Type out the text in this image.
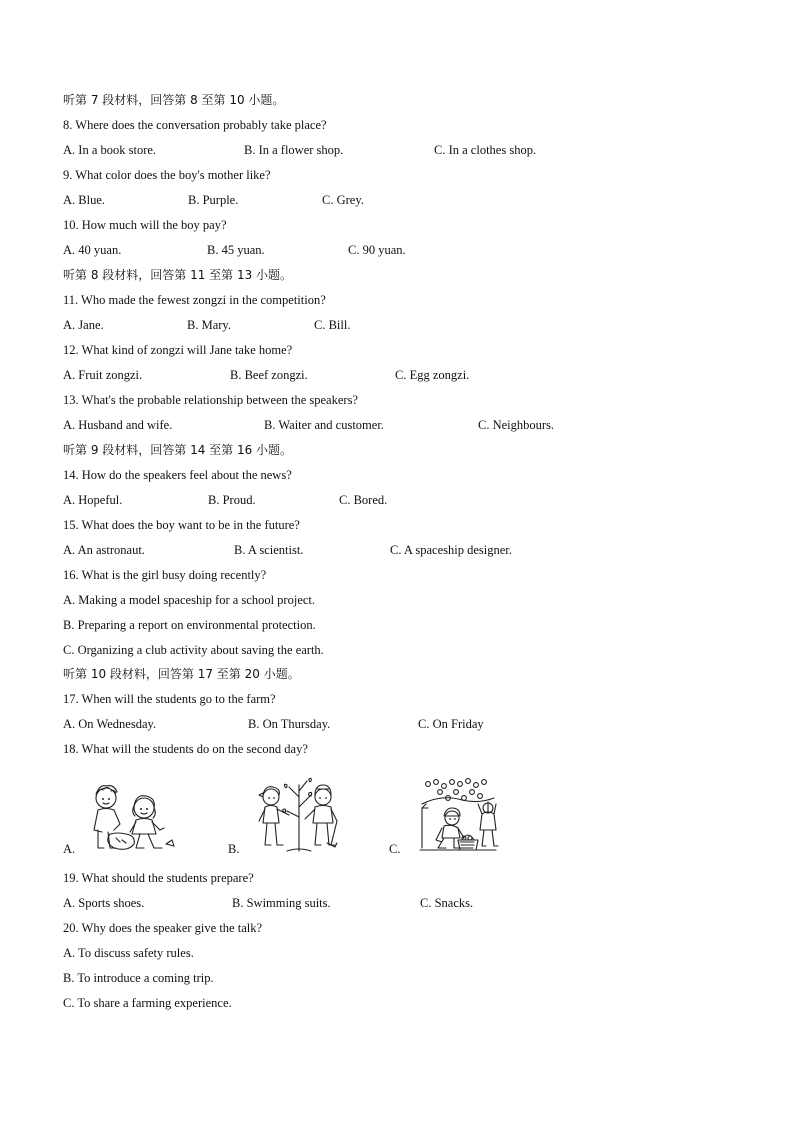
听第 7 段材料，回答第 8 至第 10 小题。
8. Where does the conversation probably take place?
A. In a book store.	B. In a flower shop.	C. In a clothes shop.
9. What color does the boy's mother like?
A. Blue.	B. Purple.	C. Grey.
10. How much will the boy pay?
A. 40 yuan.	B. 45 yuan.	C. 90 yuan.
听第 8 段材料，回答第 11 至第 13 小题。
11. Who made the fewest zongzi in the competition?
A. Jane.	B. Mary.	C. Bill.
12. What kind of zongzi will Jane take home?
A. Fruit zongzi.	B. Beef zongzi.	C. Egg zongzi.
13. What's the probable relationship between the speakers?
A. Husband and wife.	B. Waiter and customer.	C. Neighbours.
听第 9 段材料，回答第 14 至第 16 小题。
14. How do the speakers feel about the news?
A. Hopeful.	B. Proud.	C. Bored.
15. What does the boy want to be in the future?
A. An astronaut.	B. A scientist.	C. A spaceship designer.
16. What is the girl busy doing recently?
A. Making a model spaceship for a school project.
B. Preparing a report on environmental protection.
C. Organizing a club activity about saving the earth.
听第 10 段材料，回答第 17 至第 20 小题。
17. When will the students go to the farm?
A. On Wednesday.	B. On Thursday.	C. On Friday
18. What will the students do on the second day?
A.	B.	C.
19. What should the students prepare?
A. Sports shoes.	B. Swimming suits.	C. Snacks.
20. Why does the speaker give the talk?
A. To discuss safety rules.
B. To introduce a coming trip.
C. To share a farming experience.
